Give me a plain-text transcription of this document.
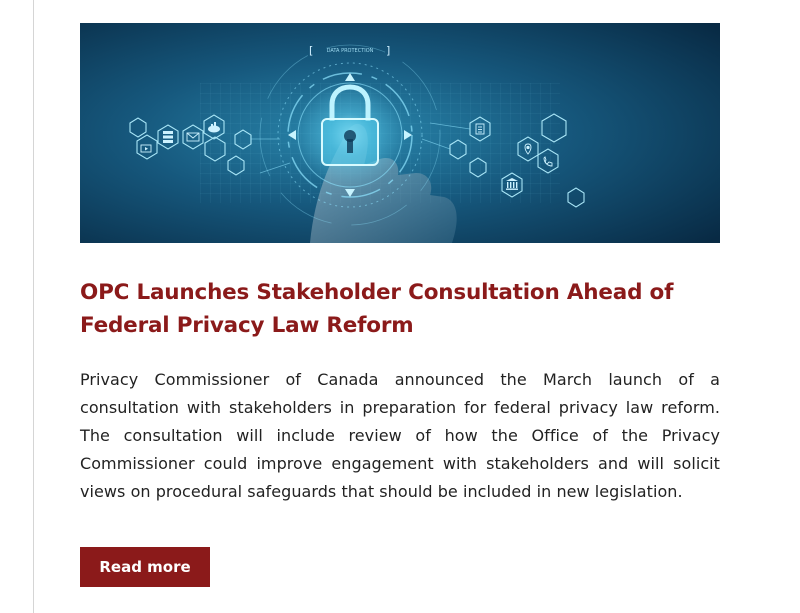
[	]
DATA PROTECTION
OPC Launches Stakeholder Consultation Ahead of Federal Privacy Law Reform

Privacy Commissioner of Canada announced the March launch of a consultation with stakeholders in preparation for federal privacy law reform. The consultation will include review of how the Office of the Privacy Commissioner could improve engagement with stakeholders and will solicit views on procedural safeguards that should be included in new legislation.

Read more
